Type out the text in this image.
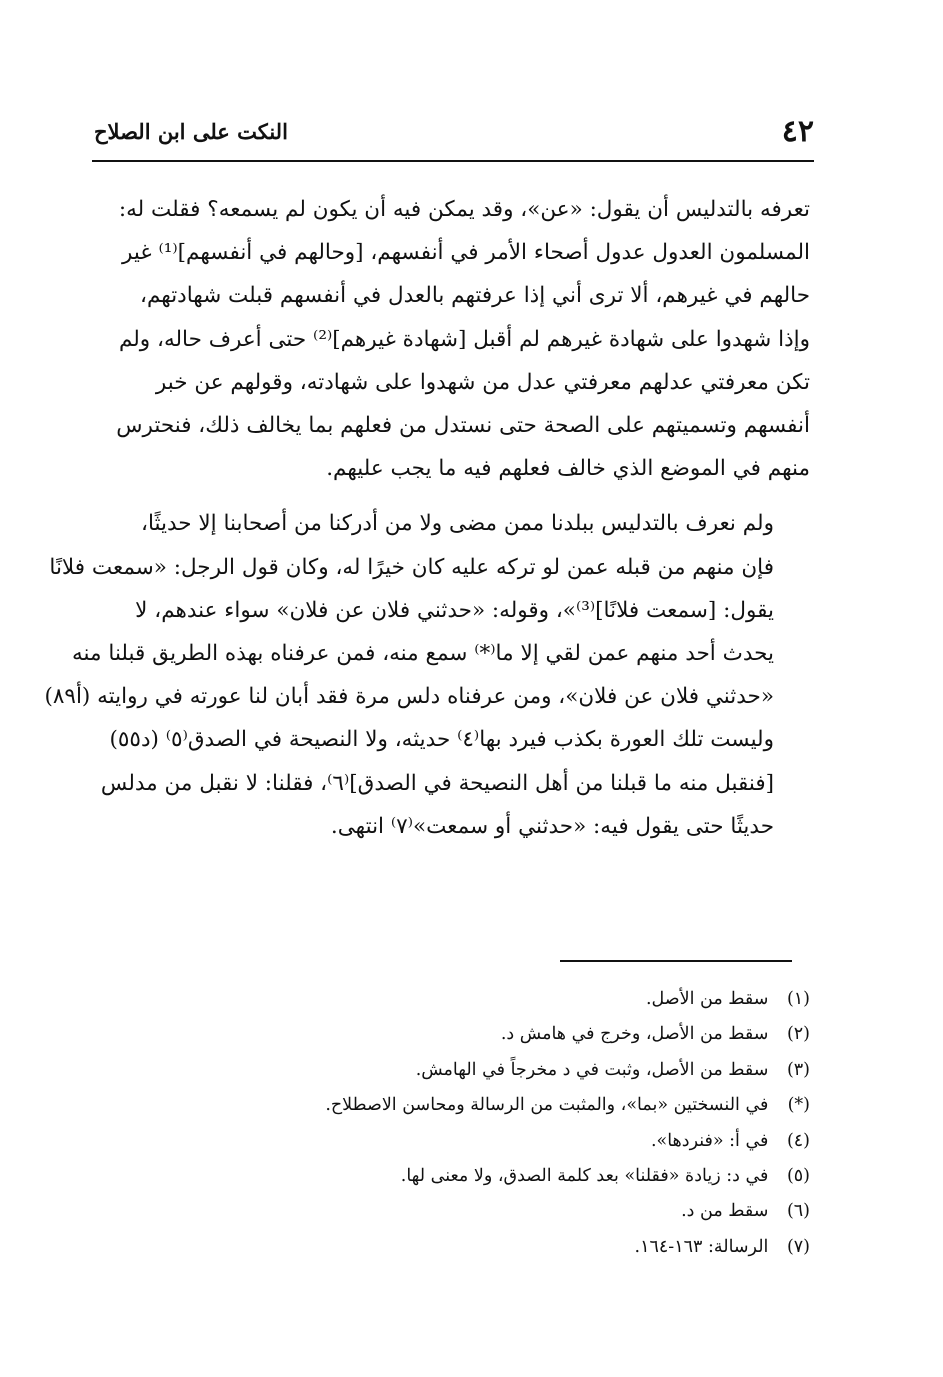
٤٢
النكت على ابن الصلاح

تعرفه بالتدليس أن يقول: «عن»، وقد يمكن فيه أن يكون لم يسمعه؟ فقلت له:
المسلمون العدول عدول أصحاء الأمر في أنفسهم، [وحالهم في أنفسهم]⁽¹⁾ غير
حالهم في غيرهم، ألا ترى أني إذا عرفتهم بالعدل في أنفسهم قبلت شهادتهم،
وإذا شهدوا على شهادة غيرهم لم أقبل [شهادة غيرهم]⁽²⁾ حتى أعرف حاله، ولم
تكن معرفتي عدلهم معرفتي عدل من شهدوا على شهادته، وقولهم عن خبر
أنفسهم وتسميتهم على الصحة حتى نستدل من فعلهم بما يخالف ذلك، فنحترس
منهم في الموضع الذي خالف فعلهم فيه ما يجب عليهم.

ولم نعرف بالتدليس ببلدنا ممن مضى ولا من أدركنا من أصحابنا إلا حديثًا،
فإن منهم من قبله عمن لو تركه عليه كان خيرًا له، وكان قول الرجل: «سمعت فلانًا
يقول: [سمعت فلانًا]⁽³⁾»، وقوله: «حدثني فلان عن فلان» سواء عندهم، لا
يحدث أحد منهم عمن لقي إلا ما⁽*⁾ سمع منه، فمن عرفناه بهذه الطريق قبلنا منه
«حدثني فلان عن فلان»، ومن عرفناه دلس مرة فقد أبان لنا عورته في روايته (أ٨٩)
وليست تلك العورة بكذب فيرد بها⁽٤⁾ حديثه، ولا النصيحة في الصدق⁽٥⁾ (د٥٥)
[فنقبل منه ما قبلنا من أهل النصيحة في الصدق]⁽٦⁾، فقلنا: لا نقبل من مدلس
حديثًا حتى يقول فيه: «حدثني أو سمعت»⁽٧⁾ انتهى.

(١) سقط من الأصل.
(٢) سقط من الأصل، وخرج في هامش د.
(٣) سقط من الأصل، وثبت في د مخرجاً في الهامش.
(*) في النسختين «بما»، والمثبت من الرسالة ومحاسن الاصطلاح.
(٤) في أ: «فنردها».
(٥) في د: زيادة «فقلنا» بعد كلمة الصدق، ولا معنى لها.
(٦) سقط من د.
(٧) الرسالة: ١٦٣-١٦٤.
